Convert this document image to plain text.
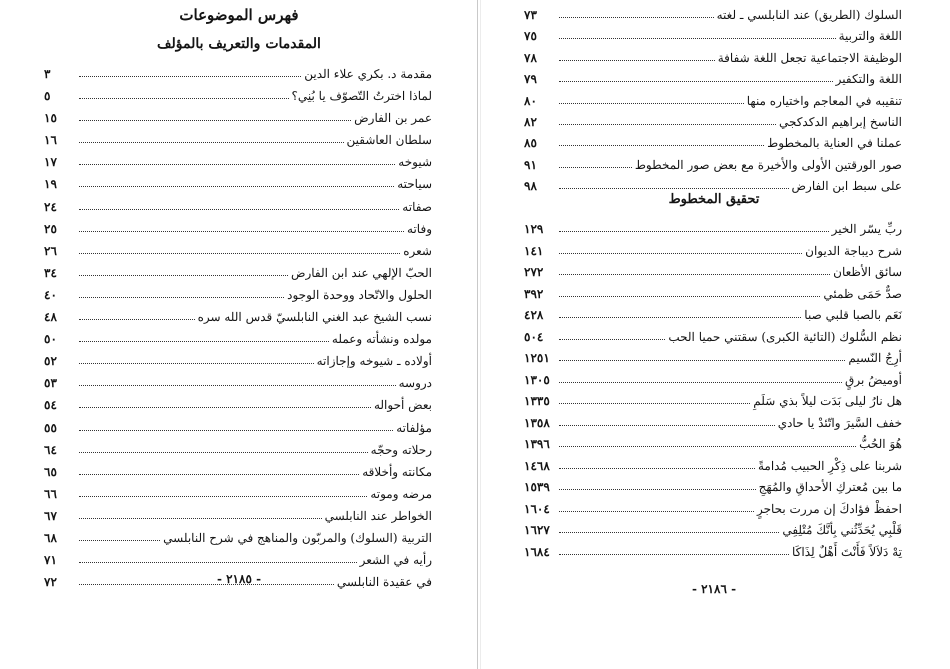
فهرس الموضوعات
المقدمات والتعريف بالمؤلف
مقدمة د. بكري علاء الدين
٣
لماذا اخترتُ التّصوّف يا بُنِي؟
٥
عمر بن الفارض
١٥
سلطان العاشقين
١٦
شيوخه
١٧
سياحته
١٩
صفاته
٢٤
وفاته
٢٥
شعره
٢٦
الحبّ الإلهي عند ابن الفارض
٣٤
الحلول والاتّحاد ووحدة الوجود
٤٠
نسب الشيخ عبد الغني النابلسيّ قدس الله سره
٤٨
مولده ونشأته وعمله
٥٠
أولاده ـ شيوخه وإجازاته
٥٢
دروسه
٥٣
بعض أحواله
٥٤
مؤلفاته
٥٥
رحلاته وحجّه
٦٤
مكانته وأخلاقه
٦٥
مرضه وموته
٦٦
الخواطر عند النابلسي
٦٧
التربية (السلوك) والمربّون والمناهج في شرح النابلسي
٦٨
رأيه في الشعر
٧١
في عقيدة النابلسي
٧٢	- ٢١٨٥ -
السلوك (الطريق) عند النابلسي ـ لغته
٧٣
اللغة والتربية
٧٥
الوظيفة الاجتماعية تجعل اللغة شفافة
٧٨
اللغة والتكفير
٧٩
تنقيبه في المعاجم واختياره منها
٨٠
الناسخ إبراهيم الدكدكجي
٨٢
عملنا في العناية بالمخطوط
٨٥
صور الورقتين الأولى والأخيرة مع بعض صور المخطوط
٩١
على سبط ابن الفارض
٩٨
تحقيق المخطوط
ربِّ يسّر الخير
١٢٩
شرح ديباجة الديوان
١٤١
سائق الأظعان
٢٧٢
صدٌّ حَمَى ظمئي
٣٩٢
نَعَم بالصبا قلبي صبا
٤٢٨
نظم السُّلوك (التائية الكبرى) سقتني حميا الحب
٥٠٤
أرِجُ النّسيم
١٢٥١
أوميضُ برقٍ
١٣٠٥
هل نارُ ليلى بَدَت ليلاً بذي سَلَمِ
١٣٣٥
خفف السَّيرَ واتّئدْ يا حادي
١٣٥٨
هُوَ الحُبُّ
١٣٩٦
شربنا على ذِكْرِ الحبيب مُدامةً
١٤٦٨
ما بين مُعتركِ الأحداقِ والمُهَجِ
١٥٣٩
احفظْ فؤادكَ إن مررت بحاجرٍ
١٦٠٤
قَلْبِي يُحَدِّثُني بِأنَّكَ مُتْلِفِي
١٦٢٧
تِهْ دَلاَلاً فَأَنْتَ أَهْلٌ لِذَاكَا
١٦٨٤
- ٢١٨٦ -
